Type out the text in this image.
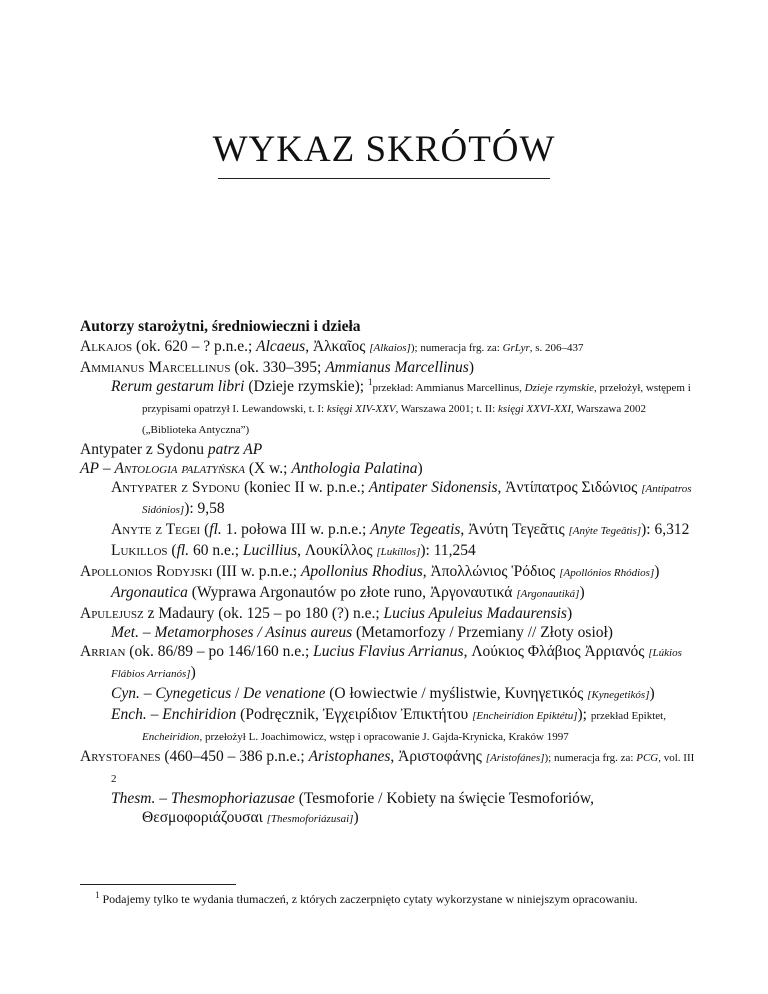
WYKAZ SKRÓTÓW
Autorzy starożytni, średniowieczni i dzieła

Alkajos (ok. 620 – ? p.n.e.; Alcaeus, Ἀλκαῖος [Alkaios]); numeracja frg. za: GrLyr, s. 206–437

Ammianus Marcellinus (ok. 330–395; Ammianus Marcellinus)

Rerum gestarum libri (Dzieje rzymskie); $^1$przekład: Ammianus Marcellinus, Dzieje rzymskie, przełożył, wstępem i przypisami opatrzył I. Lewandowski, t. I: księgi XIV-XXV, Warszawa 2001; t. II: księgi XXVI-XXI, Warszawa 2002 („Biblioteka Antyczna”)

Antypater z Sydonu patrz AP

AP – Antologia palatyńska (X w.; Anthologia Palatina)

Antypater z Sydonu (koniec II w. p.n.e.; Antipater Sidonensis, Ἀντίπατρος Σιδώνιος [Antípatros Sidónios]): 9,58

Anyte z Tegei (fl. 1. połowa III w. p.n.e.; Anyte Tegeatis, Ἀνύτη Τεγεᾶτις [Anýte Tegeâtis]): 6,312

Lukillos (fl. 60 n.e.; Lucillius, Λουκίλλος [Lukíllos]): 11,254

Apollonios Rodyjski (III w. p.n.e.; Apollonius Rhodius, Ἀπολλώνιος Ῥόδιος [Apollónios Rhódios])

Argonautica (Wyprawa Argonautów po złote runo, Ἀργοναυτικά [Argonautiká])

Apulejusz z Madaury (ok. 125 – po 180 (?) n.e.; Lucius Apuleius Madaurensis)

Met. – Metamorphoses / Asinus aureus (Metamorfozy / Przemiany // Złoty osioł)

Arrian (ok. 86/89 – po 146/160 n.e.; Lucius Flavius Arrianus, Λούκιος Φλάβιος Ἀρριανός [Lúkios Flábios Arrianós])

Cyn. – Cynegeticus / De venatione (O łowiectwie / myślistwie, Κυνηγετικός [Kynegetikós])

Ench. – Enchiridion (Podręcznik, Ἐγχειρίδιον Ἐπικτήτου [Encheirídion Epiktétu]); przekład Epiktet, Encheiridion, przełożył L. Joachimowicz, wstęp i opracowanie J. Gajda-Krynicka, Kraków 1997

Arystofanes (460–450 – 386 p.n.e.; Aristophanes, Ἀριστοφάνης [Aristofánes]); numeracja frg. za: PCG, vol. III 2

Thesm. – Thesmophoriazusae (Tesmoforie / Kobiety na święcie Tesmoforiów, Θεσμοφοριάζουσαι [Thesmoforiázusai])

$^1$ Podajemy tylko te wydania tłumaczeń, z których zaczerpnięto cytaty wykorzystane w niniejszym opracowaniu.
